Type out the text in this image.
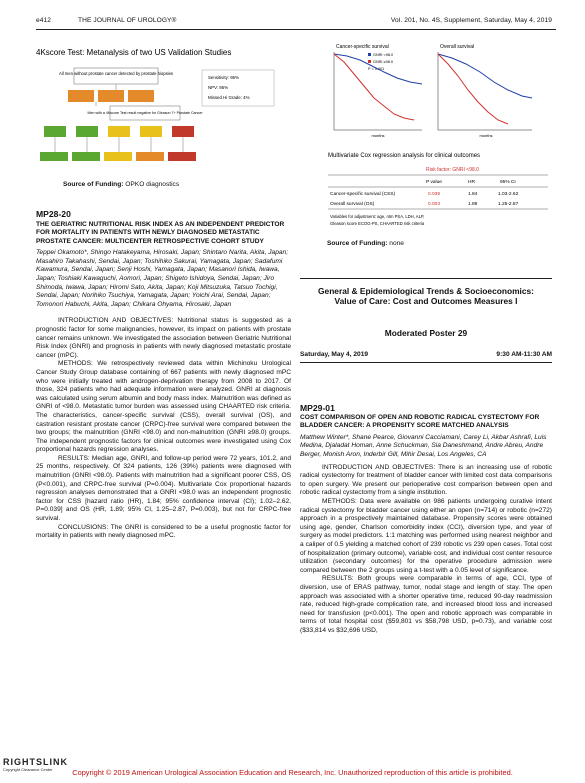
e412	THE JOURNAL OF UROLOGY®	Vol. 201, No. 4S, Supplement, Saturday, May 4, 2019
4Kscore Test: Metanalysis of two US Validation Studies
All men without prostate cancer detected by prostate biopsies
Men with a 4Kscore Test result negative for Gleason 7+ Prostate Cancer
Sensitivity: 95%
NPV: 95%
Missed Hi Grade: 4%
Source of Funding: OPKO diagnostics
Cancer-specific survival	Overall survival
GNRI <98.0
GNRI ≥98.0
P < 0.001
months	months
Multivariate Cox regression analysis for clinical outcomes
Risk factor: GNRI <98.0
P value	HR	95% CI
Cancer-specific survival (CSS)	0.039	1.84	1.03-2.62
Overall survival (OS)	0.003	1.89	1.25-2.87
Variables for adjustment: age, ntm PSA, LDH, ALP,
Gleason score ECOG-PS, CHAARTED risk criteria
Source of Funding: none
MP28-20
THE GERIATRIC NUTRITIONAL RISK INDEX AS AN INDEPENDENT PREDICTOR FOR MORTALITY IN PATIENTS WITH NEWLY DIAGNOSED METASTATIC PROSTATE CANCER: MULTICENTER RETROSPECTIVE COHORT STUDY
Teppei Okamoto*, Shingo Hatakeyama, Hirosaki, Japan; Shintaro Narita, Akita, Japan; Masahiro Takahashi, Sendai, Japan; Toshihiko Sakurai, Yamagata, Japan; Sadafumi Kawamura, Sendai, Japan; Senji Hoshi, Yamagata, Japan; Masanori Ishida, Iwawa, Japan; Toshiaki Kawaguchi, Aomori, Japan; Shigeto Ishidoya, Sendai, Japan; Jiro Shimoda, Iwawa, Japan; Hiromi Sato, Akita, Japan; Koji Mitsuzuka, Tatsuo Tochigi, Sendai, Japan; Norihiko Tsuchiya, Yamagata, Japan; Yoichi Arai, Sendai, Japan; Tomonori Habuchi, Akita, Japan; Chikara Ohyama, Hirosaki, Japan

INTRODUCTION AND OBJECTIVES: Nutritional status is suggested as a prognostic factor for some malignancies, however, its impact on patients with prostate cancer remains unknown. We investigated the association between Geriatric Nutritional Risk Index (GNRI) and prognosis in patients with newly diagnosed metastatic prostate cancer (mPC).

METHODS: We retrospectively reviewed data within Michinoku Urological Cancer Study Group database containing of 667 patients with newly diagnosed mPC who were initially treated with androgen-deprivation therapy from 2008 to 2017. Of those, 324 patients who had adequate information were analyzed. GNRI at diagnosis was calculated using serum albumin and body mass index. Malnutrition was defined as GNRI of <98.0. Metastatic tumor burden was assessed using CHAARTED risk criteria. The characteristics, cancer-specific survival (CSS), overall survival (OS), and castration resistant prostate cancer (CRPC)-free survival were compared between the two groups; the malnutrition (GNRI <98.0) and non-malnutrition (GNRI ≥98.0) groups. The independent prognostic factors for clinical outcomes were investigated using Cox proportional hazards regression analyses.

RESULTS: Median age, GNRI, and follow-up period were 72 years, 101.2, and 25 months, respectively. Of 324 patients, 126 (39%) patients were diagnosed with malnutrition (GNRI <98.0). Patients with malnutrition had a significant poorer CSS, OS (P<0.001), and CRPC-free survival (P=0.004). Multivariate Cox proportional hazards regression analyses demonstrated that a GNRI <98.0 was an independent prognostic factor for CSS [hazard ratio (HR), 1.84; 95% confidence interval (CI); 1.02–2.62, P=0.039] and OS (HR, 1.89; 95% CI, 1.25–2.87, P=0.003), but not for CRPC-free survival.

CONCLUSIONS: The GNRI is considered to be a useful prognostic factor for mortality in patients with newly diagnosed mPC.

General & Epidemiological Trends & Socioeconomics: Value of Care: Cost and Outcomes Measures I
Moderated Poster 29
Saturday, May 4, 2019	9:30 AM-11:30 AM
MP29-01
COST COMPARISON OF OPEN AND ROBOTIC RADICAL CYSTECTOMY FOR BLADDER CANCER: A PROPENSITY SCORE MATCHED ANALYSIS
Matthew Winter*, Shane Pearce, Giovanni Cacciamani, Carey Li, Akbar Ashrafi, Luis Medina, Djaladat Homan, Anne Schuckman, Sia Daneshmand, Andre Abreu, Andre Berger, Monish Aron, Inderbir Gill, Mihir Desai, Los Angeles, CA

INTRODUCTION AND OBJECTIVES: There is an increasing use of robotic radical cystectomy for treatment of bladder cancer with limited cost data comparisons to open surgery. We present our perioperative cost comparison between open and robotic radical cystectomy from a single institution.

METHODS: Data were available on 986 patients undergoing curative intent radical cystectomy for bladder cancer using either an open (n=714) or robotic (n=272) approach in a prospectively maintained database. Propensity scores were obtained using age, gender, Charlson comorbidity index (CCI), diversion type, and year of surgery as model predictors. 1:1 matching was performed using nearest neighbor and a caliper of 0.5 yielding a matched cohort of 239 robotic vs 239 open cases. Total cost of hospitalization (primary outcome), variable cost, and individual cost center resource utilization (secondary outcomes) for the operative procedure admission were compared between the 2 groups using a t-test with a 0.05 level of significance.

RESULTS: Both groups were comparable in terms of age, CCI, type of diversion, use of ERAS pathway, tumor, nodal stage and length of stay. The open approach was associated with a shorter operative time, reduced 90-day readmission rate, reduced high-grade complication rate, and increased blood loss and increased need for transfusion (p<0.001). The open and robotic approach was comparable in terms of total hospital cost ($59,801 vs $58,798 USD, p=0.73), and variable cost ($33,814 vs $32,696 USD,

RIGHTSLINK
Copyright Clearance Center	Copyright © 2019 American Urological Association Education and Research, Inc. Unauthorized reproduction of this article is prohibited.
